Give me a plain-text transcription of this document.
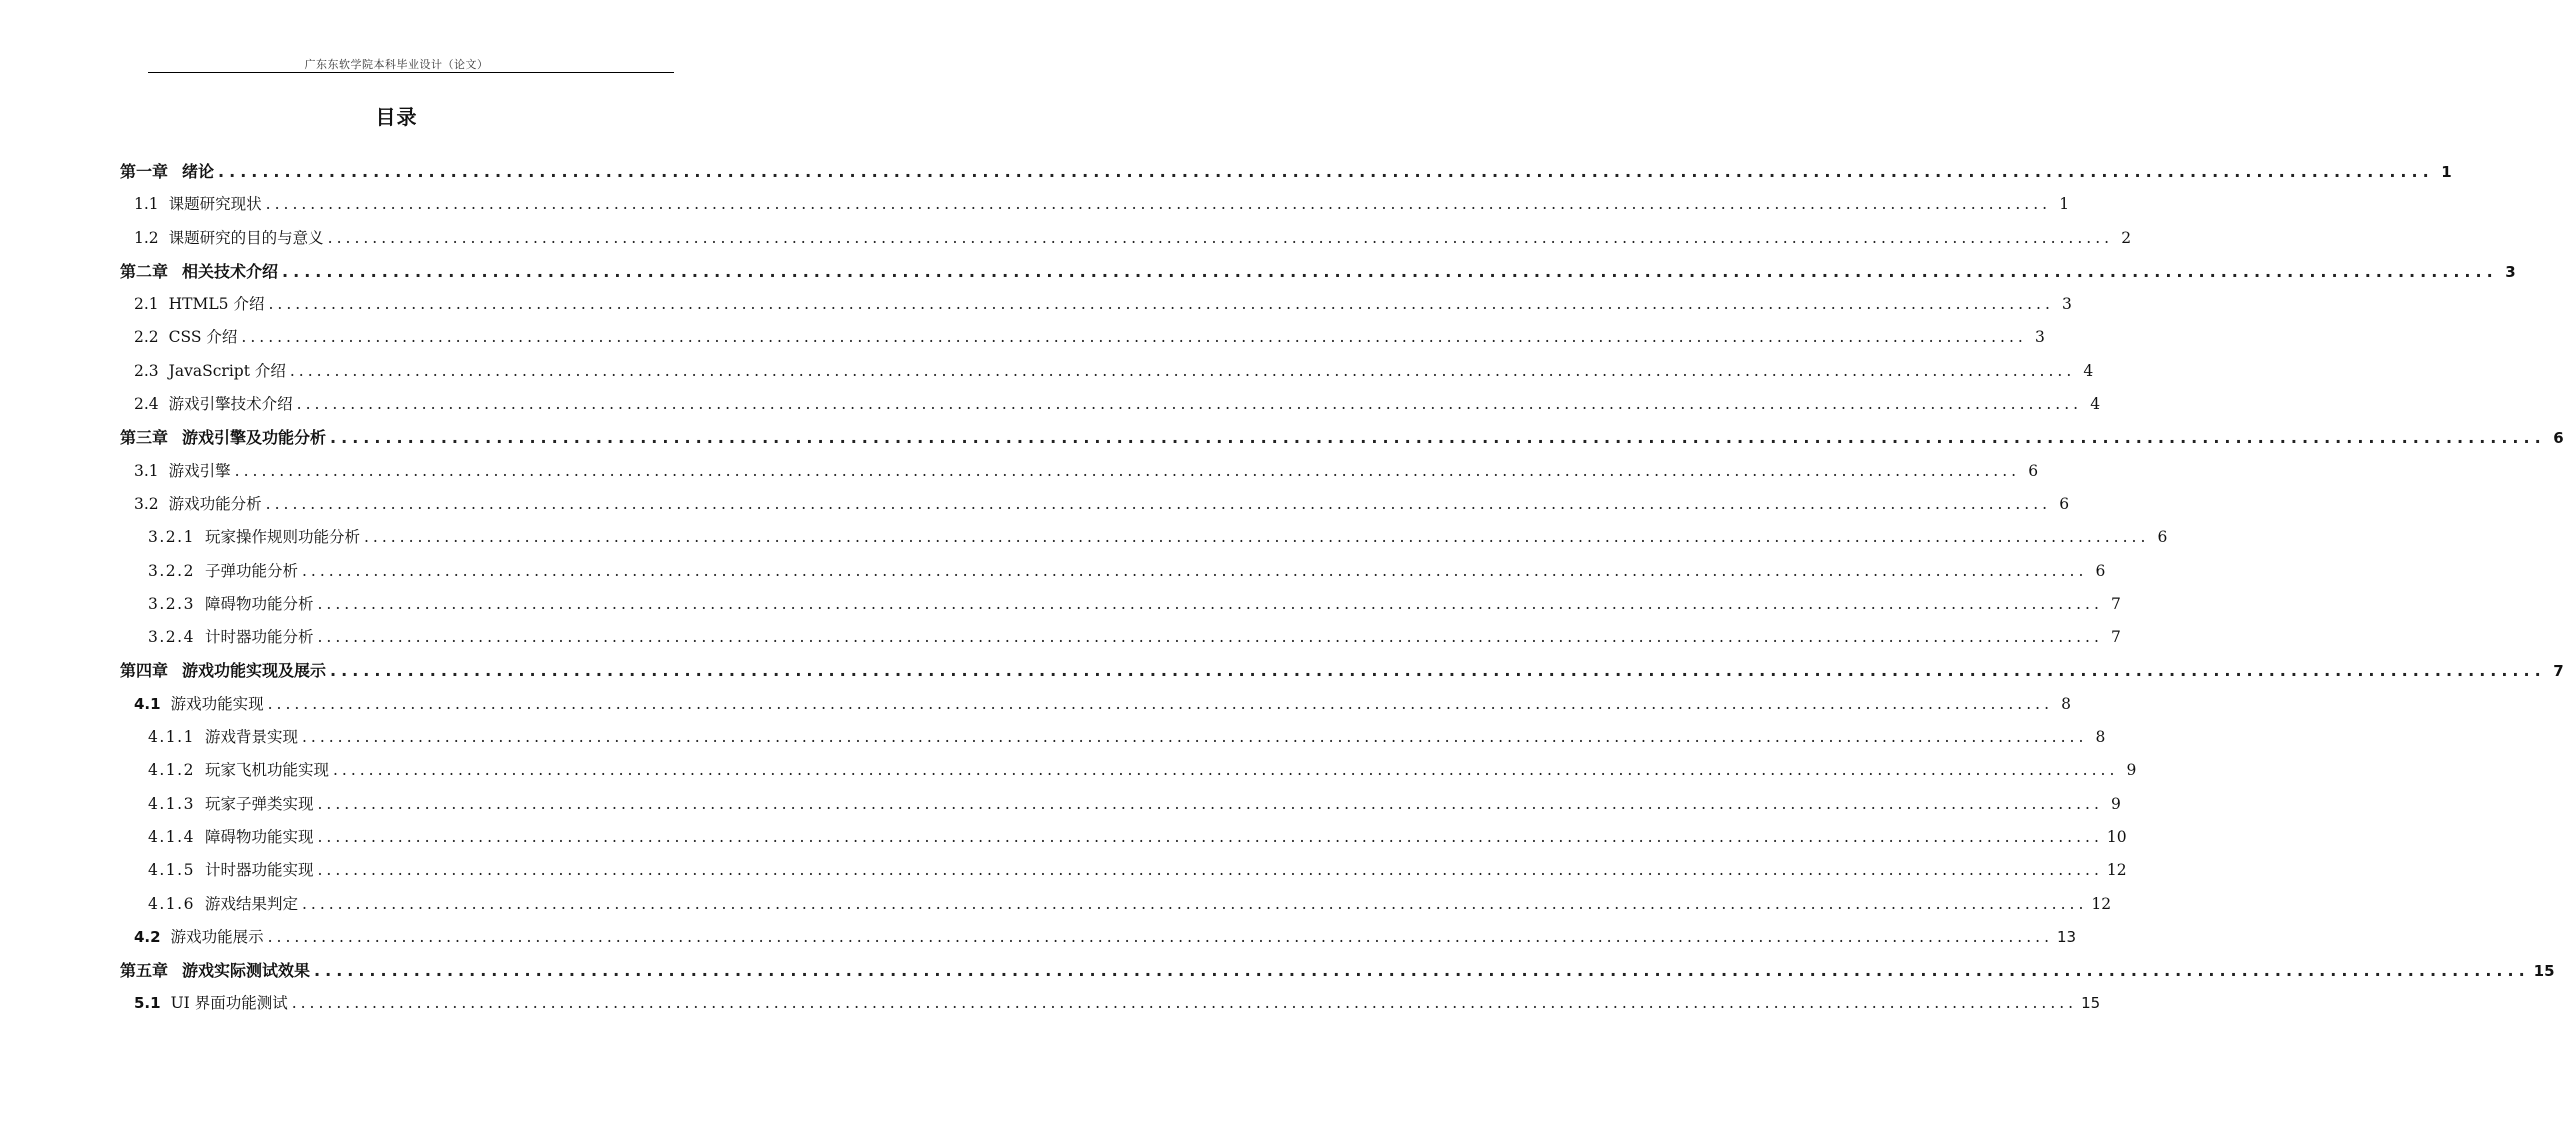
广东东软学院本科毕业设计（论文）
目录
第一章 绪论 ........................................................................................................................................................................................................ 1
1.1 课题研究现状 ........................................................................................................................................................................................................ 1
1.2 课题研究的目的与意义 ........................................................................................................................................................................................................ 2
第二章 相关技术介绍 ........................................................................................................................................................................................................ 3
2.1 HTML5 介绍 ........................................................................................................................................................................................................ 3
2.2 CSS 介绍 ........................................................................................................................................................................................................ 3
2.3 JavaScript 介绍 ........................................................................................................................................................................................................ 4
2.4 游戏引擎技术介绍 ........................................................................................................................................................................................................ 4
第三章 游戏引擎及功能分析 ........................................................................................................................................................................................................ 6
3.1 游戏引擎 ........................................................................................................................................................................................................ 6
3.2 游戏功能分析 ........................................................................................................................................................................................................ 6
3.2.1 玩家操作规则功能分析 ........................................................................................................................................................................................................ 6
3.2.2 子弹功能分析 ........................................................................................................................................................................................................ 6
3.2.3 障碍物功能分析 ........................................................................................................................................................................................................ 7
3.2.4 计时器功能分析 ........................................................................................................................................................................................................ 7
第四章 游戏功能实现及展示 ........................................................................................................................................................................................................ 7
4.1 游戏功能实现 ........................................................................................................................................................................................................ 8
4.1.1 游戏背景实现 ........................................................................................................................................................................................................ 8
4.1.2 玩家飞机功能实现 ........................................................................................................................................................................................................ 9
4.1.3 玩家子弹类实现 ........................................................................................................................................................................................................ 9
4.1.4 障碍物功能实现 ........................................................................................................................................................................................................ 10
4.1.5 计时器功能实现 ........................................................................................................................................................................................................ 12
4.1.6 游戏结果判定 ........................................................................................................................................................................................................ 12
4.2 游戏功能展示 ........................................................................................................................................................................................................ 13
第五章 游戏实际测试效果 ........................................................................................................................................................................................................ 15
5.1 UI 界面功能测试 ........................................................................................................................................................................................................ 15
